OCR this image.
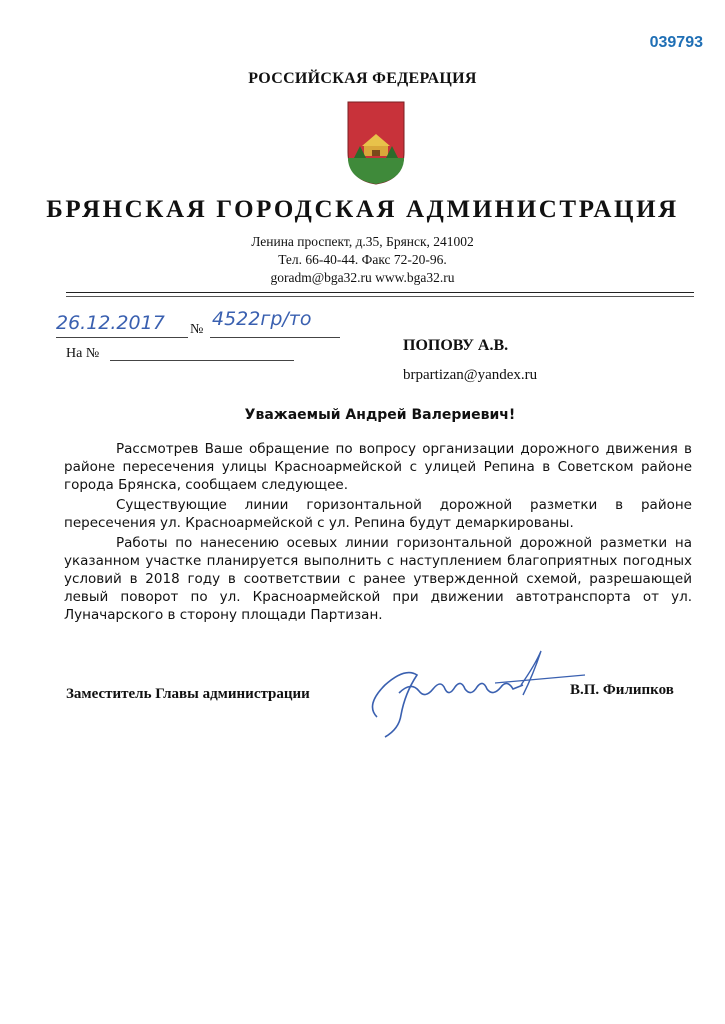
039793
РОССИЙСКАЯ ФЕДЕРАЦИЯ
БРЯНСКАЯ ГОРОДСКАЯ АДМИНИСТРАЦИЯ
Ленина проспект, д.35, Брянск, 241002
Тел. 66-40-44. Факс 72-20-96.
goradm@bga32.ru www.bga32.ru
26.12.2017 № 4522гр/то
На №	ПОПОВУ А.В.
brpartizan@yandex.ru
Уважаемый Андрей Валериевич!

Рассмотрев Ваше обращение по вопросу организации дорожного движения в районе пересечения улицы Красноармейской с улицей Репина в Советском районе города Брянска, сообщаем следующее.

Существующие линии горизонтальной дорожной разметки в районе пересечения ул. Красноармейской с ул. Репина будут демаркированы.

Работы по нанесению осевых линии горизонтальной дорожной разметки на указанном участке планируется выполнить с наступлением благоприятных погодных условий в 2018 году в соответствии с ранее утвержденной схемой, разрешающей левый поворот по ул. Красноармейской при движении автотранспорта от ул. Луначарского в сторону площади Партизан.

Заместитель Главы администрации	В.П. Филипков
